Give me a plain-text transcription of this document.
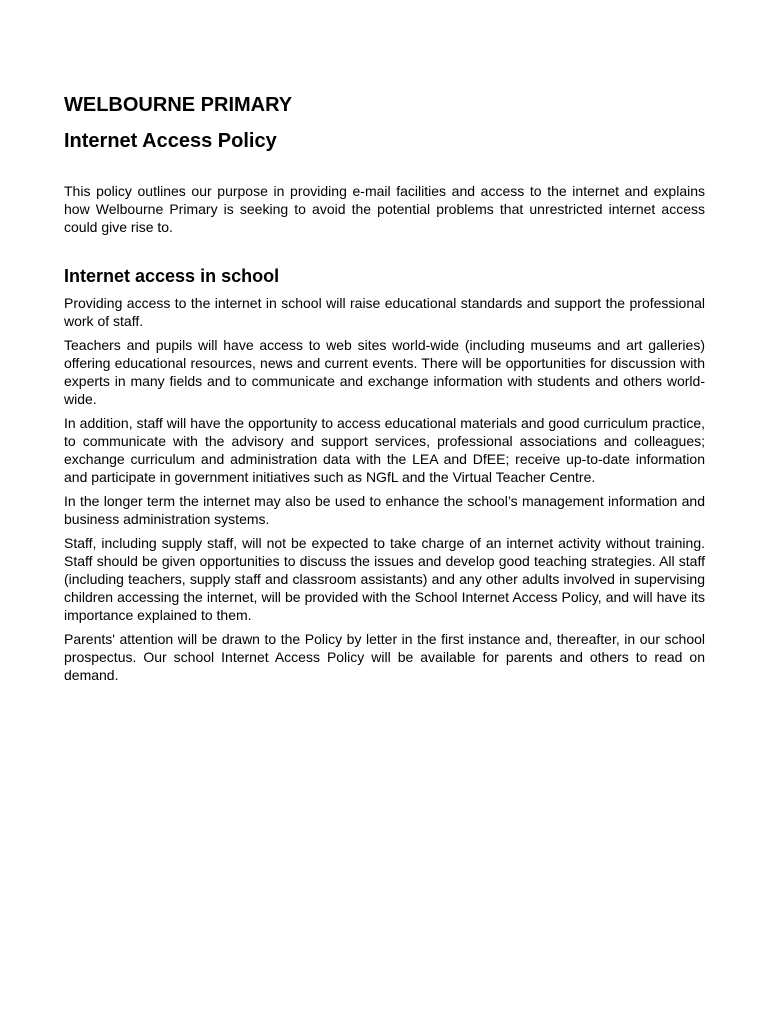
WELBOURNE PRIMARY
Internet Access Policy

This policy outlines our purpose in providing e-mail facilities and access to the internet and explains how Welbourne Primary is seeking to avoid the potential problems that unrestricted internet access could give rise to.

Internet access in school

Providing access to the internet in school will raise educational standards and support the professional work of staff.

Teachers and pupils will have access to web sites world-wide (including museums and art galleries) offering educational resources, news and current events. There will be opportunities for discussion with experts in many fields and to communicate and exchange information with students and others world-wide.

In addition, staff will have the opportunity to access educational materials and good curriculum practice, to communicate with the advisory and support services, professional associations and colleagues; exchange curriculum and administration data with the LEA and DfEE; receive up-to-date information and participate in government initiatives such as NGfL and the Virtual Teacher Centre.

In the longer term the internet may also be used to enhance the school’s management information and business administration systems.

Staff, including supply staff, will not be expected to take charge of an internet activity without training. Staff should be given opportunities to discuss the issues and develop good teaching strategies. All staff (including teachers, supply staff and classroom assistants) and any other adults involved in supervising children accessing the internet, will be provided with the School Internet Access Policy, and will have its importance explained to them.

Parents' attention will be drawn to the Policy by letter in the first instance and, thereafter, in our school prospectus. Our school Internet Access Policy will be available for parents and others to read on demand.
